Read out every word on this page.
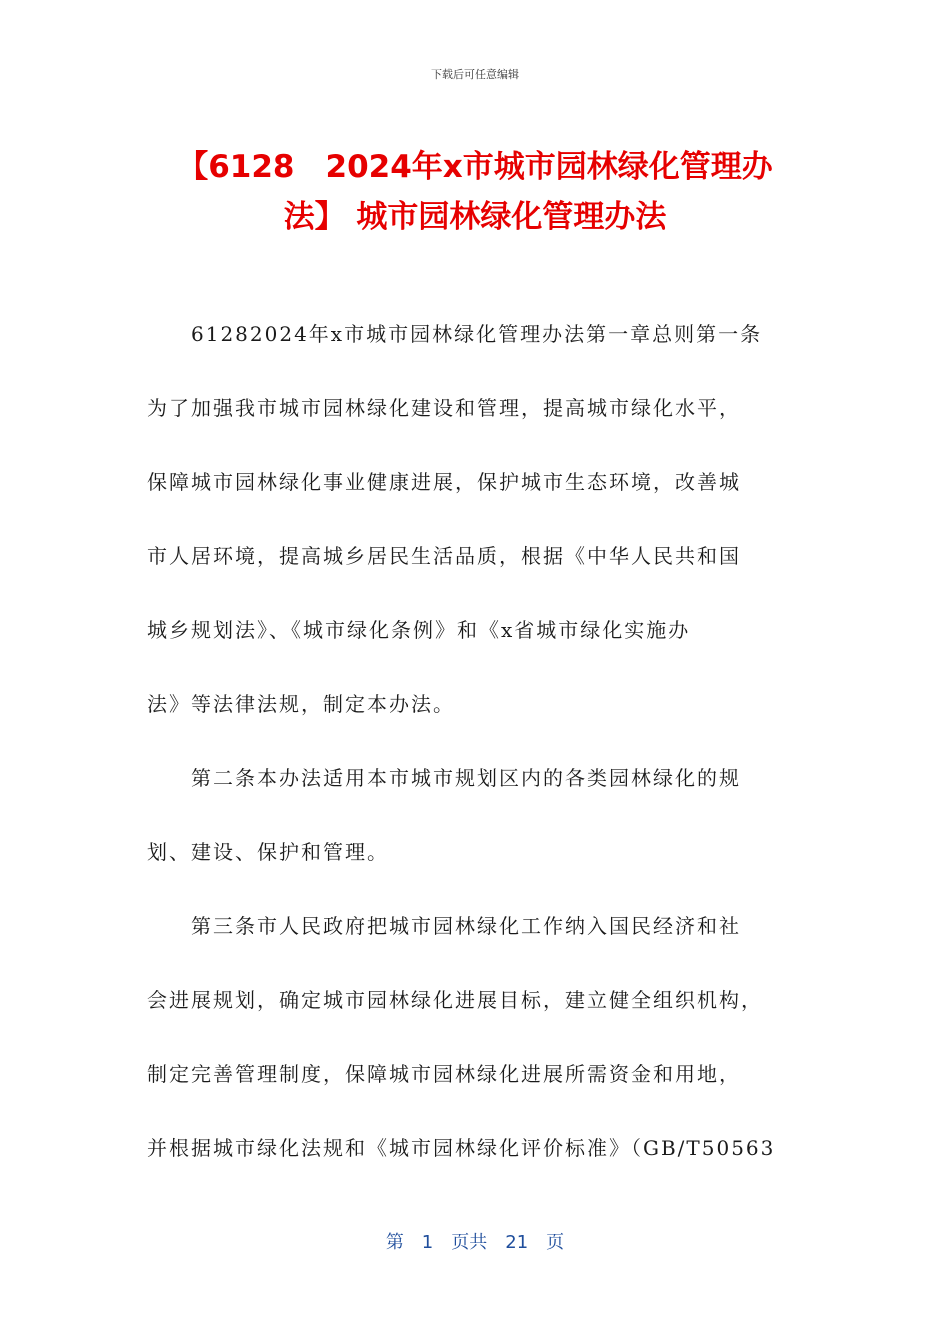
下载后可任意编辑
【6128　2024年x市城市园林绿化管理办
法】 城市园林绿化管理办法
61282024年x市城市园林绿化管理办法第一章总则第一条
为了加强我市城市园林绿化建设和管理，提高城市绿化水平，
保障城市园林绿化事业健康进展，保护城市生态环境，改善城
市人居环境，提高城乡居民生活品质，根据《中华人民共和国
城乡规划法》、《城市绿化条例》和《x省城市绿化实施办
法》等法律法规，制定本办法。
第二条本办法适用本市城市规划区内的各类园林绿化的规
划、建设、保护和管理。
第三条市人民政府把城市园林绿化工作纳入国民经济和社
会进展规划，确定城市园林绿化进展目标，建立健全组织机构，
制定完善管理制度，保障城市园林绿化进展所需资金和用地，
并根据城市绿化法规和《城市园林绿化评价标准》（GB/T50563
第　1　页共　21　页
